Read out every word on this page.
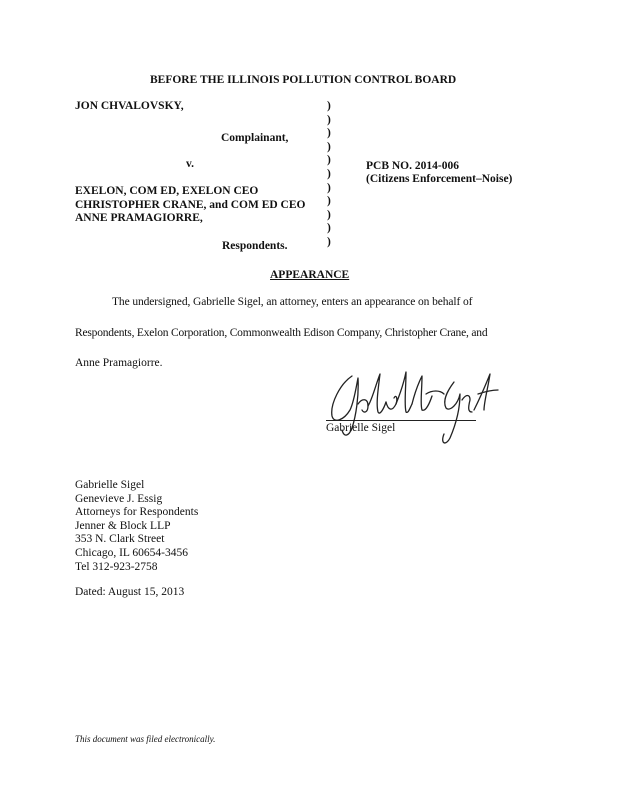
BEFORE THE ILLINOIS POLLUTION CONTROL BOARD
JON CHVALOVSKY,
Complainant,
v.
EXELON, COM ED, EXELON CEO
CHRISTOPHER CRANE, and COM ED CEO
ANNE PRAMAGIORRE,
Respondents.
)
)
)
)
)
)
)
)
)
)
)
PCB NO. 2014-006
(Citizens Enforcement–Noise)
APPEARANCE
The undersigned, Gabrielle Sigel, an attorney, enters an appearance on behalf of
Respondents, Exelon Corporation, Commonwealth Edison Company, Christopher Crane, and
Anne Pramagiorre.
Gabrielle Sigel
Gabrielle Sigel
Genevieve J. Essig
Attorneys for Respondents
Jenner & Block LLP
353 N. Clark Street
Chicago, IL 60654-3456
Tel 312-923-2758
Dated: August 15, 2013
This document was filed electronically.
